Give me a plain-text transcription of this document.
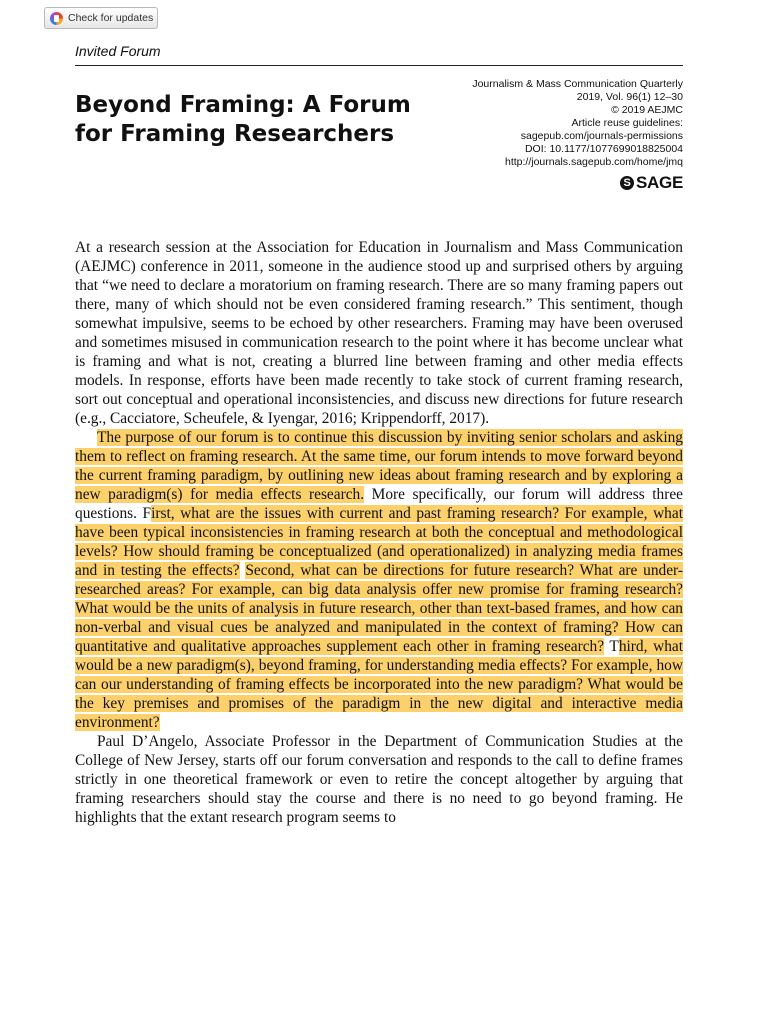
Check for updates
Invited Forum
Beyond Framing: A Forum for Framing Researchers
Journalism & Mass Communication Quarterly
2019, Vol. 96(1) 12–30
© 2019 AEJMC
Article reuse guidelines:
sagepub.com/journals-permissions
DOI: 10.1177/1077699018825004
http://journals.sagepub.com/home/jmq
S SAGE

At a research session at the Association for Education in Journalism and Mass Communication (AEJMC) conference in 2011, someone in the audience stood up and surprised others by arguing that “we need to declare a moratorium on framing research. There are so many framing papers out there, many of which should not be even considered framing research.” This sentiment, though somewhat impulsive, seems to be echoed by other researchers. Framing may have been overused and sometimes misused in communication research to the point where it has become unclear what is framing and what is not, creating a blurred line between framing and other media effects models. In response, efforts have been made recently to take stock of current framing research, sort out conceptual and operational inconsistencies, and discuss new directions for future research (e.g., Cacciatore, Scheufele, & Iyengar, 2016; Krippendorff, 2017).

The purpose of our forum is to continue this discussion by inviting senior scholars and asking them to reflect on framing research. At the same time, our forum intends to move forward beyond the current framing paradigm, by outlining new ideas about framing research and by exploring a new paradigm(s) for media effects research. More specifically, our forum will address three questions. First, what are the issues with current and past framing research? For example, what have been typical inconsistencies in framing research at both the conceptual and methodological levels? How should framing be conceptualized (and operationalized) in analyzing media frames and in testing the effects? Second, what can be directions for future research? What are under-researched areas? For example, can big data analysis offer new promise for framing research? What would be the units of analysis in future research, other than text-based frames, and how can non-verbal and visual cues be analyzed and manipulated in the context of framing? How can quantitative and qualitative approaches supplement each other in framing research? Third, what would be a new paradigm(s), beyond framing, for understanding media effects? For example, how can our understanding of framing effects be incorporated into the new paradigm? What would be the key premises and promises of the paradigm in the new digital and interactive media environment?

Paul D’Angelo, Associate Professor in the Department of Communication Studies at the College of New Jersey, starts off our forum conversation and responds to the call to define frames strictly in one theoretical framework or even to retire the concept altogether by arguing that framing researchers should stay the course and there is no need to go beyond framing. He highlights that the extant research program seems to
